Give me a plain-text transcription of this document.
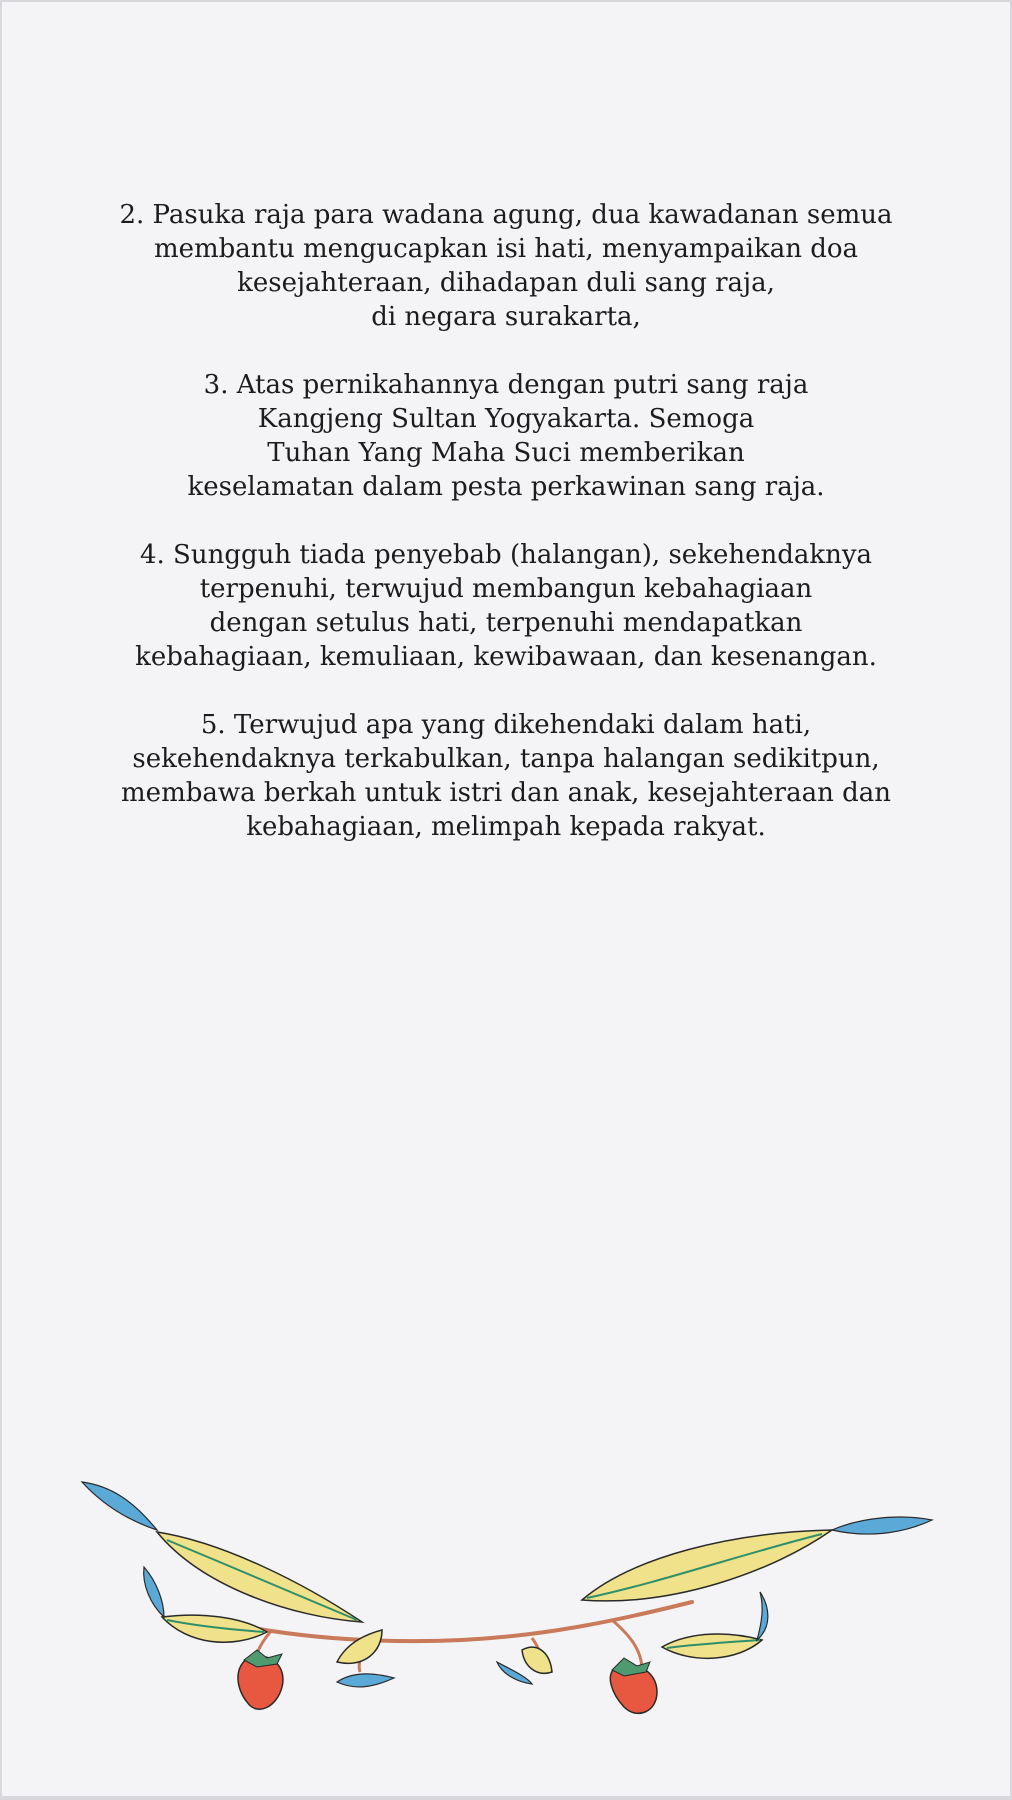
2. Pasuka raja para wadana agung, dua kawadanan semua
membantu mengucapkan isi hati, menyampaikan doa
kesejahteraan, dihadapan duli sang raja,
di negara surakarta,
3. Atas pernikahannya dengan putri sang raja
Kangjeng Sultan Yogyakarta. Semoga
Tuhan Yang Maha Suci memberikan
keselamatan dalam pesta perkawinan sang raja.
4. Sungguh tiada penyebab (halangan), sekehendaknya
terpenuhi, terwujud membangun kebahagiaan
dengan setulus hati, terpenuhi mendapatkan
kebahagiaan, kemuliaan, kewibawaan, dan kesenangan.
5. Terwujud apa yang dikehendaki dalam hati,
sekehendaknya terkabulkan, tanpa halangan sedikitpun,
membawa berkah untuk istri dan anak, kesejahteraan dan
kebahagiaan, melimpah kepada rakyat.
